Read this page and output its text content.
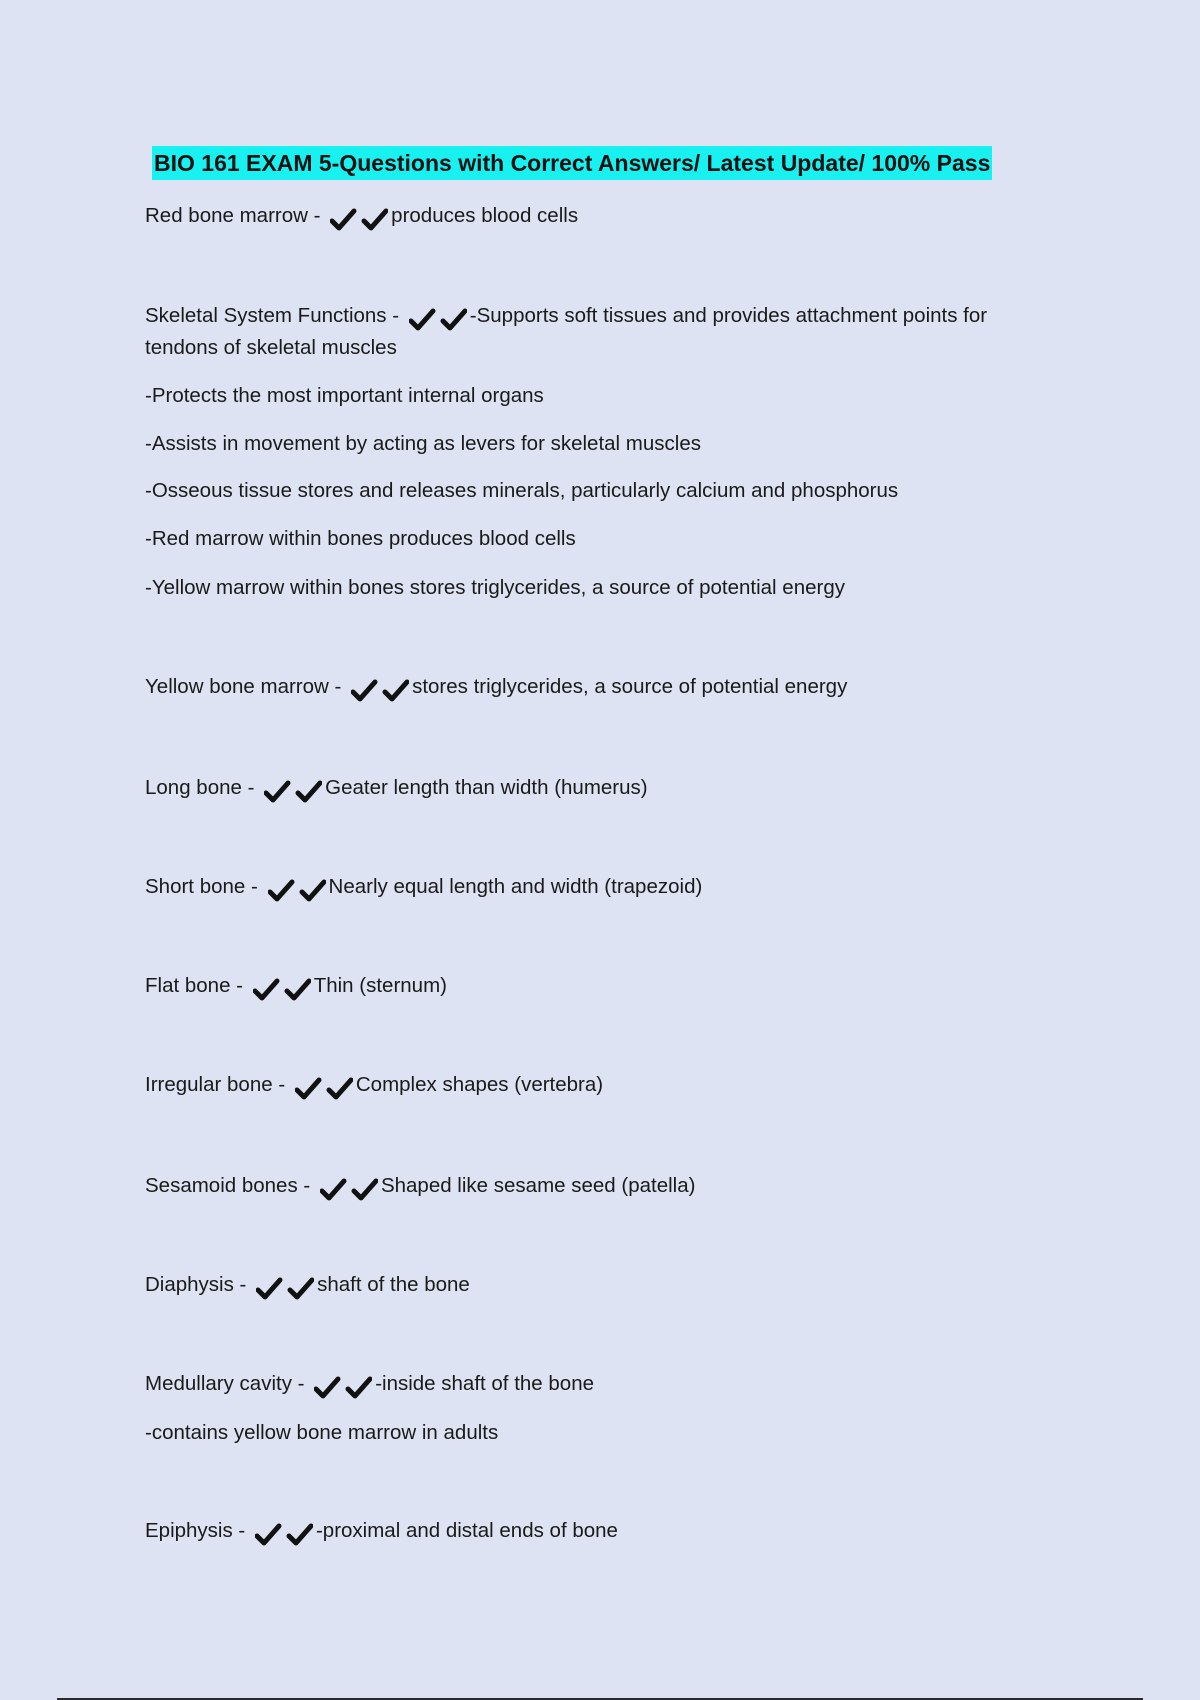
BIO 161 EXAM 5-Questions with Correct Answers/ Latest Update/ 100% Pass
Red bone marrow -	produces blood cells
Skeletal System Functions -	-Supports soft tissues and provides attachment points for
tendons of skeletal muscles
-Protects the most important internal organs
-Assists in movement by acting as levers for skeletal muscles
-Osseous tissue stores and releases minerals, particularly calcium and phosphorus
-Red marrow within bones produces blood cells
-Yellow marrow within bones stores triglycerides, a source of potential energy
Yellow bone marrow -	stores triglycerides, a source of potential energy
Long bone -	Geater length than width (humerus)
Short bone -	Nearly equal length and width (trapezoid)
Flat bone -	Thin (sternum)
Irregular bone -	Complex shapes (vertebra)
Sesamoid bones -	Shaped like sesame seed (patella)
Diaphysis -	shaft of the bone
Medullary cavity -	-inside shaft of the bone
-contains yellow bone marrow in adults
Epiphysis -	-proximal and distal ends of bone
